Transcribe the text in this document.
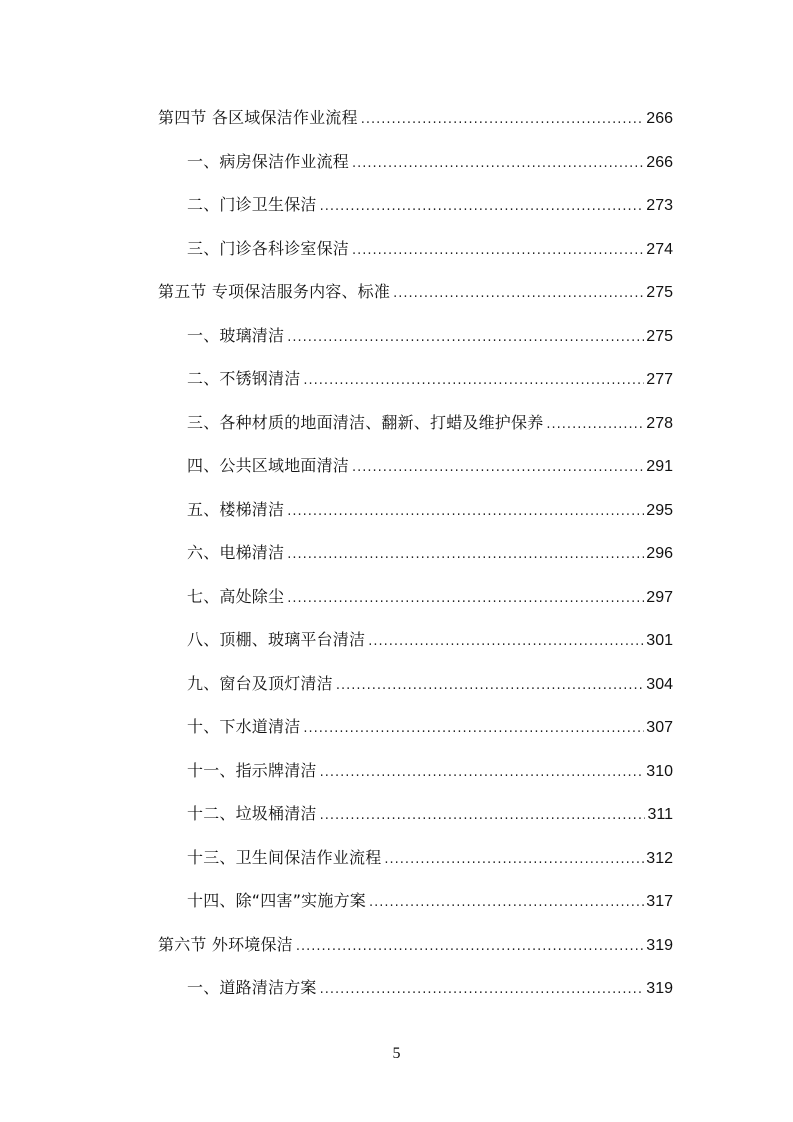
第四节 各区域保洁作业流程 .....	266
一、病房保洁作业流程 .....	266
二、门诊卫生保洁 .....	273
三、门诊各科诊室保洁 .....	274
第五节 专项保洁服务内容、标准 .....	275
一、玻璃清洁 .....	275
二、不锈钢清洁 .....	277
三、各种材质的地面清洁、翻新、打蜡及维护保养 .....	278
四、公共区域地面清洁 .....	291
五、楼梯清洁 .....	295
六、电梯清洁 .....	296
七、高处除尘 .....	297
八、顶棚、玻璃平台清洁 .....	301
九、窗台及顶灯清洁 .....	304
十、下水道清洁 .....	307
十一、指示牌清洁 .....	310
十二、垃圾桶清洁 .....	311
十三、卫生间保洁作业流程 .....	312
十四、除“四害”实施方案 .....	317
第六节 外环境保洁 .....	319
一、道路清洁方案 .....	319
5
